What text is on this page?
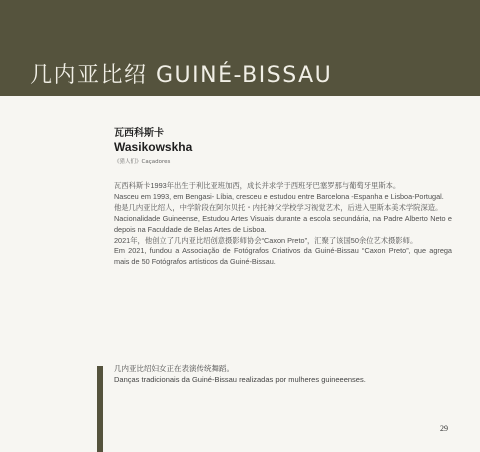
几内亚比绍 GUINÉ-BISSAU
瓦西科斯卡
Wasikowskha
《猎人们》Caçadores

瓦西科斯卡1993年出生于利比亚班加西，成长并求学于西班牙巴塞罗那与葡萄牙里斯本。

Nasceu em 1993, em Bengasi- Líbia, cresceu e estudou entre Barcelona -Espanha e Lisboa-Portugal.

他是几内亚比绍人，中学阶段在阿尔贝托・内托神父学校学习视觉艺术，后进入里斯本美术学院深造。

Nacionalidade Guineense, Estudou Artes Visuais durante a escola secundária, na Padre Alberto Neto e depois na Faculdade de Belas Artes de Lisboa.

2021年，他创立了几内亚比绍创意摄影师协会“Caxon Preto”，汇聚了该国50余位艺术摄影师。

Em 2021, fundou a Associação de Fotógrafos Criativos da Guiné-Bissau “Caxon Preto”, que agrega mais de 50 Fotógrafos artísticos da Guiné-Bissau.

几内亚比绍妇女正在表演传统舞蹈。

Danças tradicionais da Guiné-Bissau realizadas por mulheres guineeenses.

29
